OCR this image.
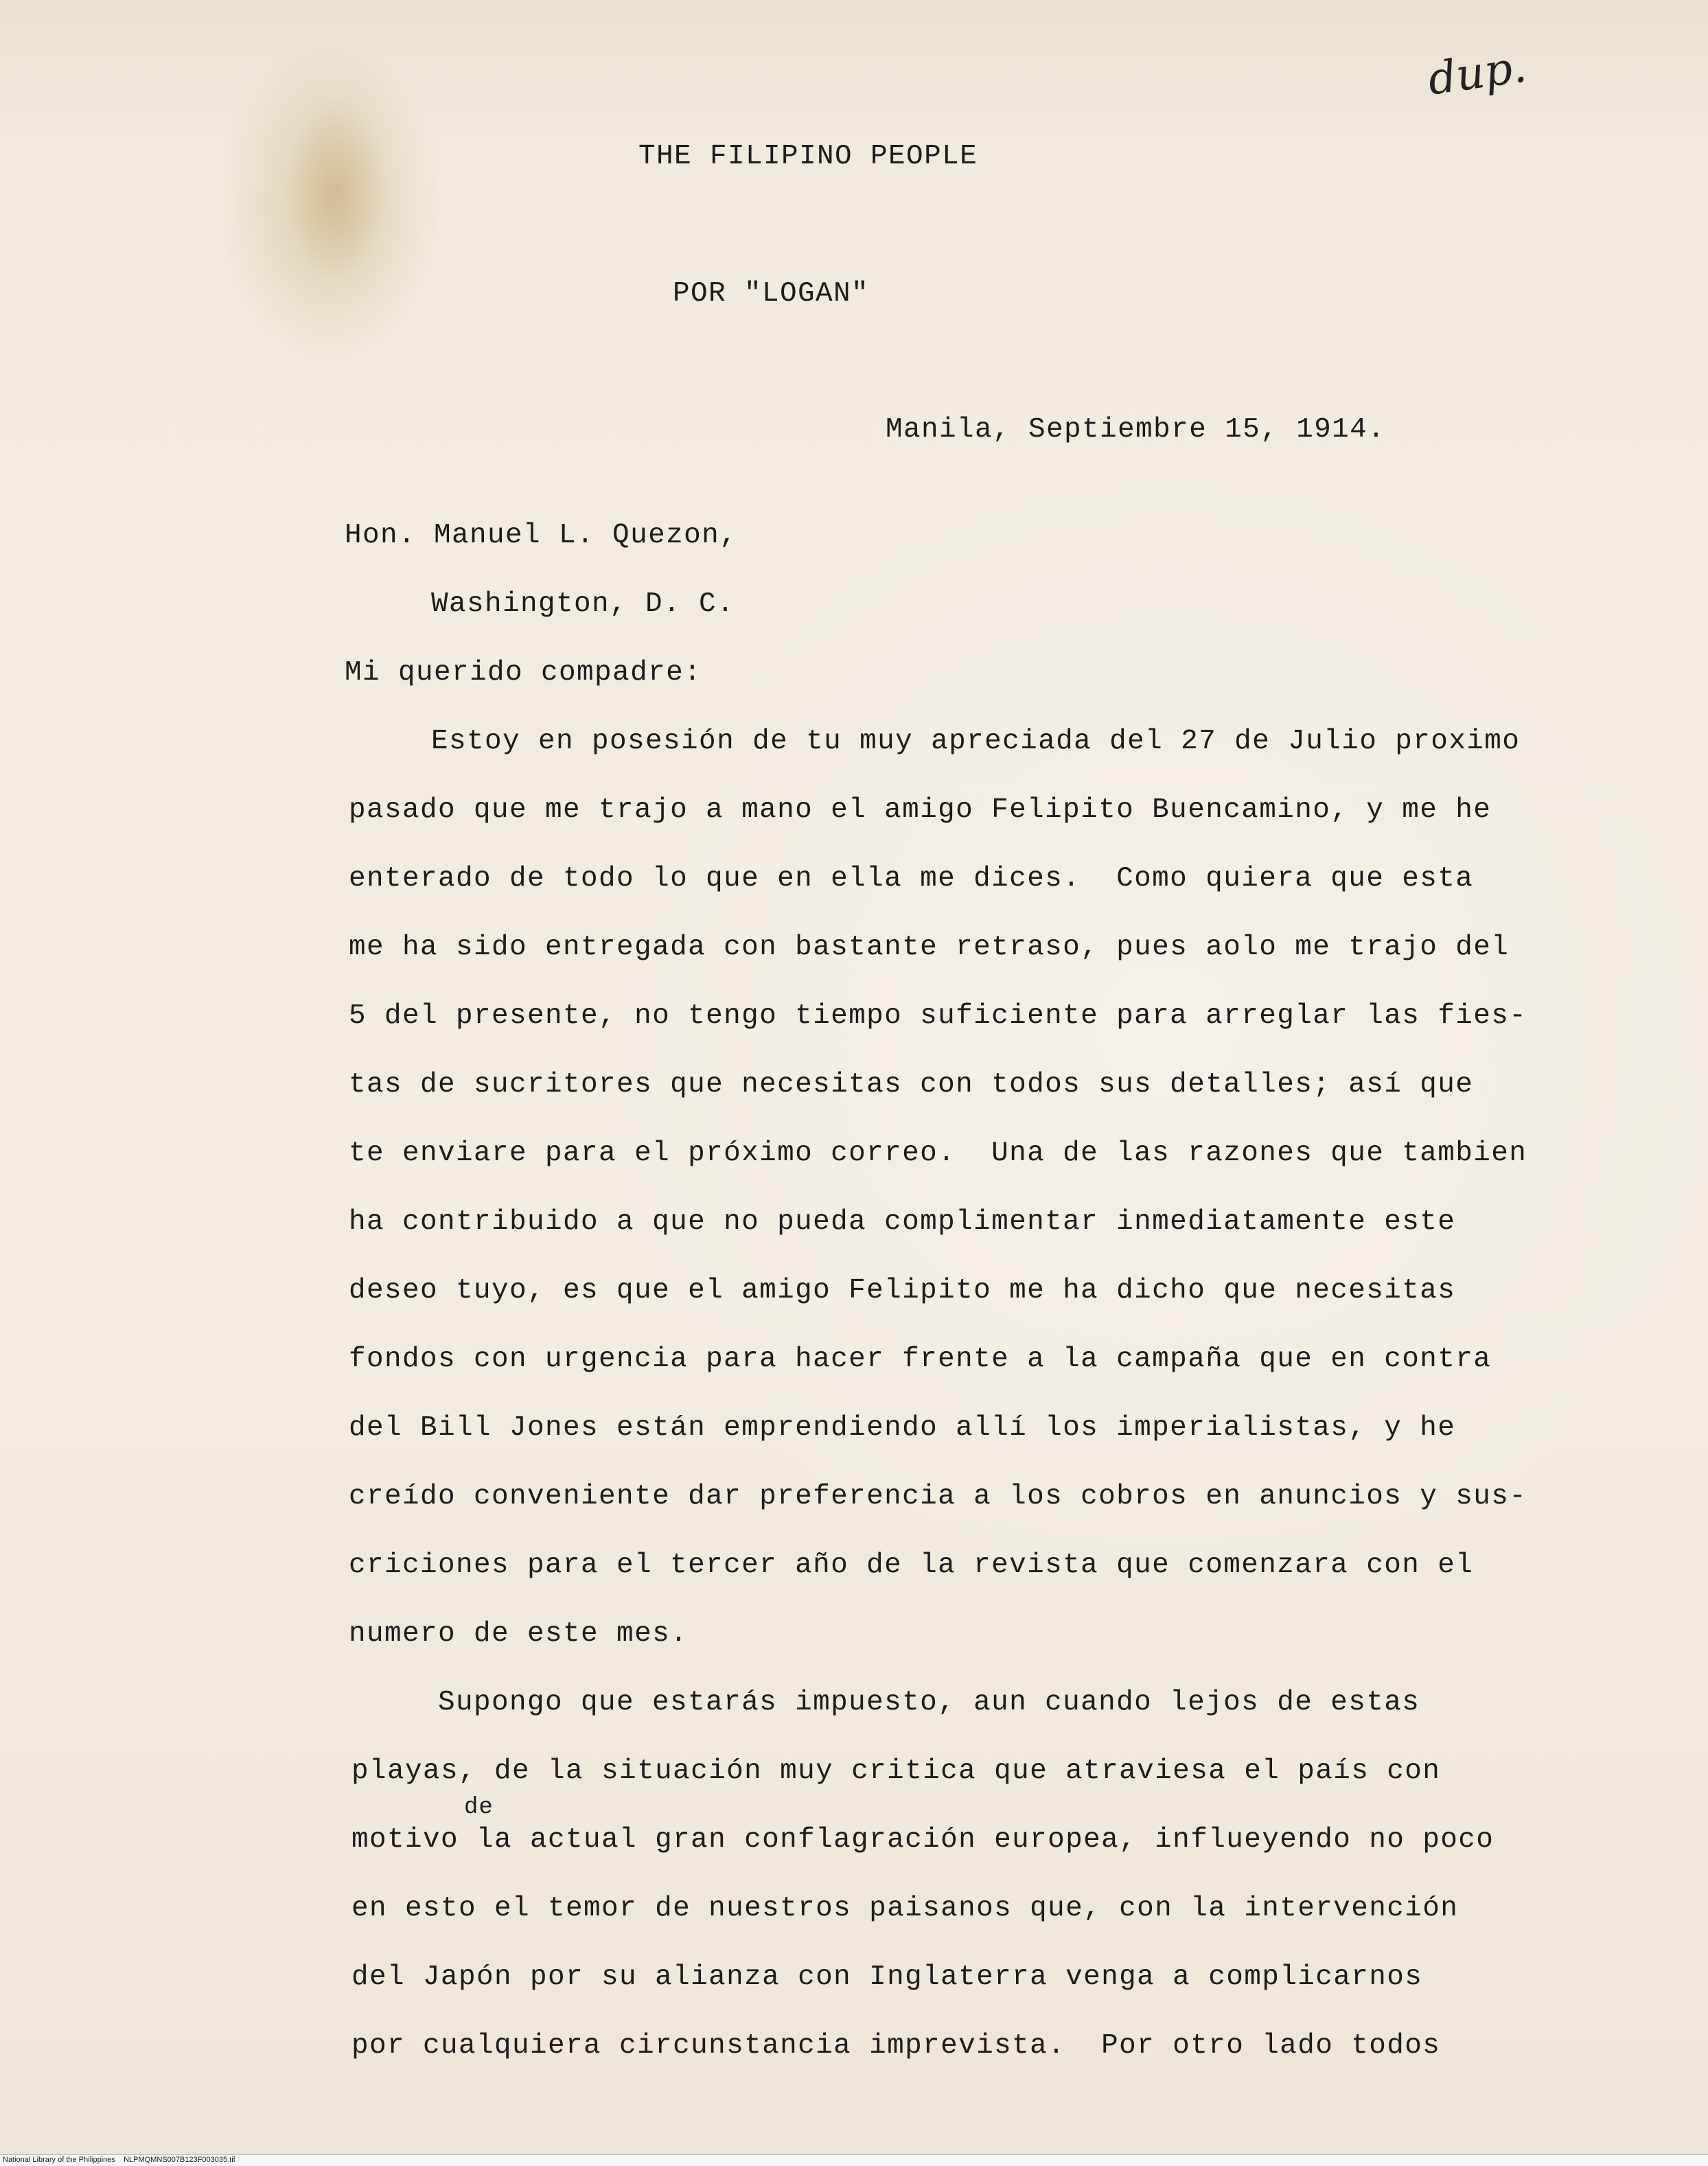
dup.
THE FILIPINO PEOPLE
POR "LOGAN"
Manila, Septiembre 15, 1914.
Hon. Manuel L. Quezon,
Washington, D. C.
Mi querido compadre:
Estoy en posesión de tu muy apreciada del 27 de Julio proximo
pasado que me trajo a mano el amigo Felipito Buencamino, y me he
enterado de todo lo que en ella me dices.  Como quiera que esta
me ha sido entregada con bastante retraso, pues aolo me trajo del
5 del presente, no tengo tiempo suficiente para arreglar las fies-
tas de sucritores que necesitas con todos sus detalles; así que
te enviare para el próximo correo.  Una de las razones que tambien
ha contribuido a que no pueda complimentar inmediatamente este
deseo tuyo, es que el amigo Felipito me ha dicho que necesitas
fondos con urgencia para hacer frente a la campaña que en contra
del Bill Jones están emprendiendo allí los imperialistas, y he
creído conveniente dar preferencia a los cobros en anuncios y sus-
criciones para el tercer año de la revista que comenzara con el
numero de este mes.
Supongo que estarás impuesto, aun cuando lejos de estas
playas, de la situación muy critica que atraviesa el país con
de
motivo la actual gran conflagración europea, influeyendo no poco
en esto el temor de nuestros paisanos que, con la intervención
del Japón por su alianza con Inglaterra venga a complicarnos
por cualquiera circunstancia imprevista.  Por otro lado todos
National Library of the Philippines    NLPMQMNS007B123F003035.tif
